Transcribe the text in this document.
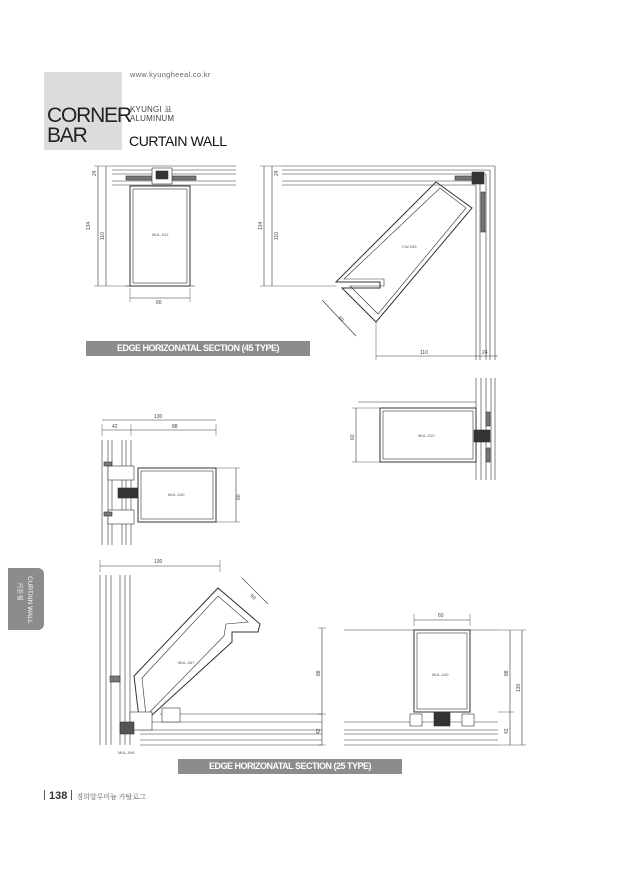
www.kyungheeal.co.kr
CORNER
BAR
KYUNGI 표
ALUMINUM
CURTAIN WALL
24
110
134
60
MUL-012
24
110
134
60
110	24
CW-035
130
42	88
60
MUL-040
60	MUL-012
130
60
88
42
MUL-067
MUL-008
60
88
130
42
MUL-040
EDGE HORIZONATAL SECTION (45 TYPE)
EDGE HORIZONATAL SECTION (25 TYPE)
CURTAIN WALL
커튼월
138 경희알루미늄 카탈로그
